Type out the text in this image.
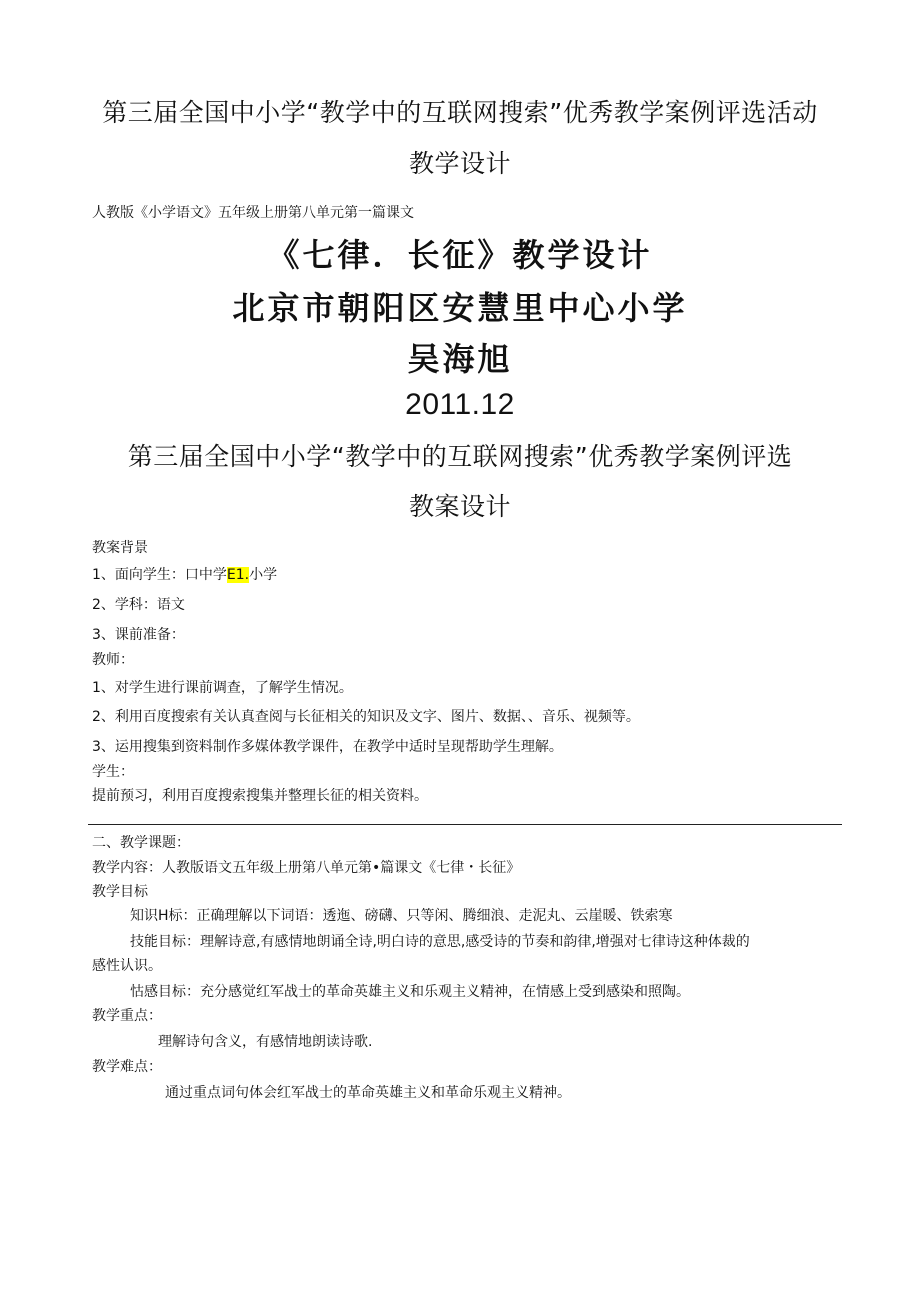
第三届全国中小学“教学中的互联网搜索”优秀教学案例评选活动
教学设计
人教版《小学语文》五年级上册第八单元第一篇课文
《七律．长征》教学设计
北京市朝阳区安慧里中心小学
吴海旭
2011.12
第三届全国中小学“教学中的互联网搜索”优秀教学案例评选
教案设计
教案背景
1、面向学生：口中学E1.小学
2、学科：语文
3、课前准备：
教师：
1、对学生进行课前调查，了解学生情况。
2、利用百度搜索有关认真查阅与长征相关的知识及文字、图片、数据、、音乐、视频等。
3、运用搜集到资料制作多媒体教学课件，在教学中适时呈现帮助学生理解。
学生：
提前预习，利用百度搜索搜集并整理长征的相关资料。
二、教学课题：
教学内容：人教版语文五年级上册第八单元第•篇课文《七律・长征》
教学目标
知识H标：正确理解以下词语：透迤、磅礴、只等闲、腾细浪、走泥丸、云崖暖、铁索寒
技能目标：理解诗意,有感情地朗诵全诗,明白诗的意思,感受诗的节奏和韵律,增强对七律诗这种体裁的
感性认识。
怙感目标：充分感觉红军战士的革命英雄主义和乐观主义精神，在情感上受到感染和照陶。
教学重点：
理解诗句含义，有感情地朗读诗歌.
教学难点：
通过重点词句体会红军战士的革命英雄主义和革命乐观主义精神。
